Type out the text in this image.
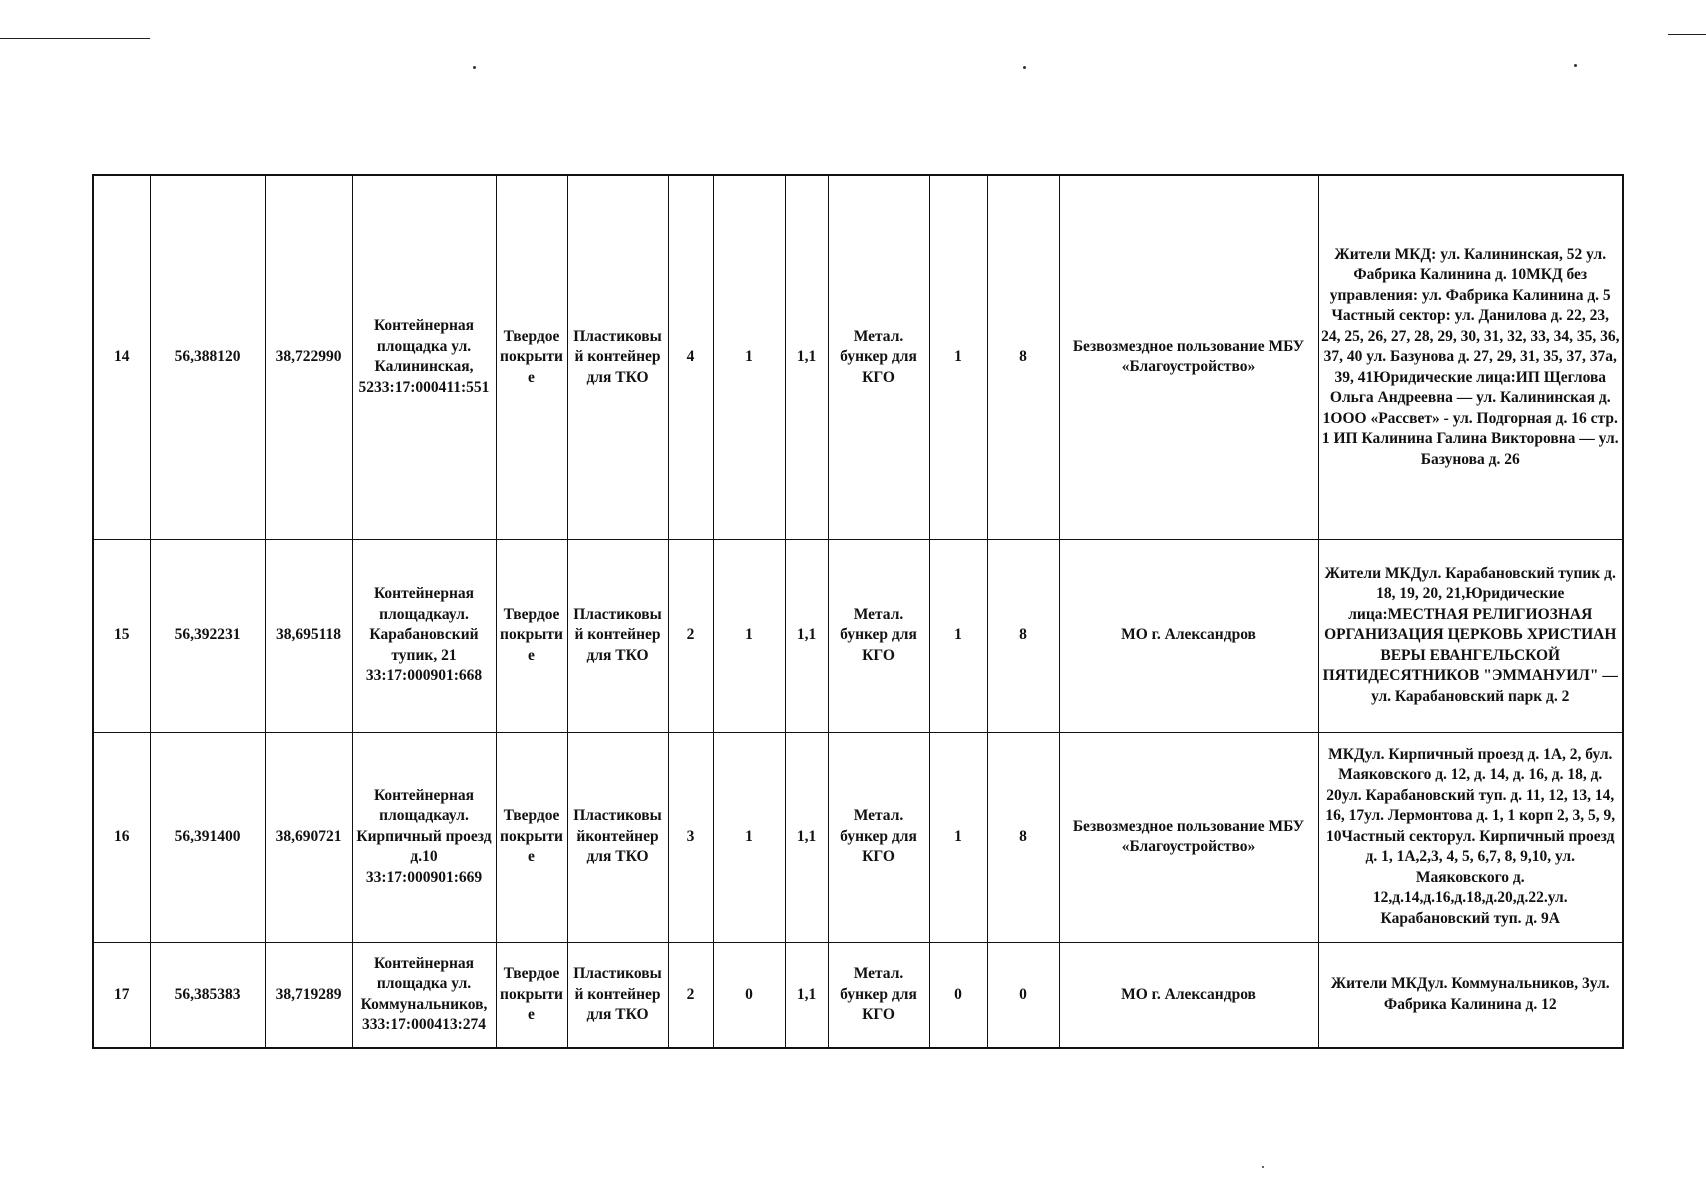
14	56,388120	38,722990	Контейнерная площадка ул. Калининская, 5233:17:000411:551	Твердое покрытие	Пластиковый контейнер для ТКО	4	1	1,1	Метал. бункер для КГО	1	8	Безвозмездное пользование МБУ «Благоустройство»	Жители МКД: ул. Калининская, 52 ул. Фабрика Калинина д. 10МКД без управления: ул. Фабрика Калинина д. 5 Частный сектор: ул. Данилова д. 22, 23, 24, 25, 26, 27, 28, 29, 30, 31, 32, 33, 34, 35, 36, 37, 40 ул. Базунова д. 27, 29, 31, 35, 37, 37а, 39, 41Юридические лица:ИП Щеглова Ольга Андреевна — ул. Калининская д. 1ООО «Рассвет» - ул. Подгорная д. 16 стр. 1 ИП Калинина Галина Викторовна — ул. Базунова д. 26
15	56,392231	38,695118	Контейнерная площадкаул. Карабановский тупик, 21 33:17:000901:668	Твердое покрытие	Пластиковый контейнер для ТКО	2	1	1,1	Метал. бункер для КГО	1	8	МО г. Александров	Жители МКДул. Карабановский тупик д. 18, 19, 20, 21,Юридические лица:МЕСТНАЯ РЕЛИГИОЗНАЯ ОРГАНИЗАЦИЯ ЦЕРКОВЬ ХРИСТИАН ВЕРЫ ЕВАНГЕЛЬСКОЙ ПЯТИДЕСЯТНИКОВ "ЭММАНУИЛ" — ул. Карабановский парк д. 2
16	56,391400	38,690721	Контейнерная площадкаул. Кирпичный проезд д.10 33:17:000901:669	Твердое покрытие	Пластиковыйконтейнер для ТКО	3	1	1,1	Метал. бункер для КГО	1	8	Безвозмездное пользование МБУ «Благоустройство»	МКДул. Кирпичный проезд д. 1А, 2, бул. Маяковского д. 12, д. 14, д. 16, д. 18, д. 20ул. Карабановский туп. д. 11, 12, 13, 14, 16, 17ул. Лермонтова д. 1, 1 корп 2, 3, 5, 9, 10Частный секторул. Кирпичный проезд д. 1, 1А,2,3, 4, 5, 6,7, 8, 9,10, ул. Маяковского д. 12,д.14,д.16,д.18,д.20,д.22.ул. Карабановский туп. д. 9А
17	56,385383	38,719289	Контейнерная площадка ул. Коммунальников, 333:17:000413:274	Твердое покрытие	Пластиковый контейнер для ТКО	2	0	1,1	Метал. бункер для КГО	0	0	МО г. Александров	Жители МКДул. Коммунальников, 3ул. Фабрика Калинина д. 12
